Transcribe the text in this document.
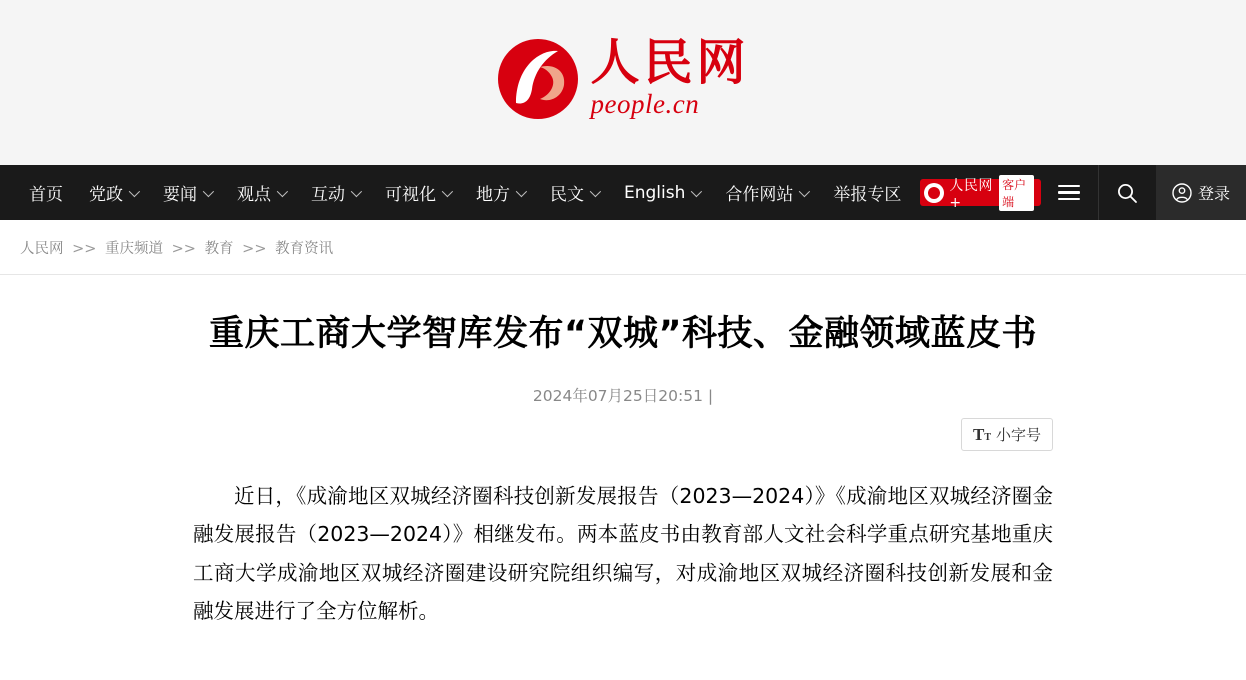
人民网
people.cn
首页 党政 要闻 观点 互动 可视化 地方 民文 English 合作网站 举报专区	人民网+
客户端	登录
人民网 >> 重庆频道 >> 教育 >> 教育资讯
重庆工商大学智库发布“双城”科技、金融领域蓝皮书
2024年07月25日20:51 |
TT 小字号

近日，《成渝地区双城经济圈科技创新发展报告（2023—2024）》《成渝地区双城经济圈金融发展报告（2023—2024）》相继发布。两本蓝皮书由教育部人文社会科学重点研究基地重庆工商大学成渝地区双城经济圈建设研究院组织编写，对成渝地区双城经济圈科技创新发展和金融发展进行了全方位解析。
